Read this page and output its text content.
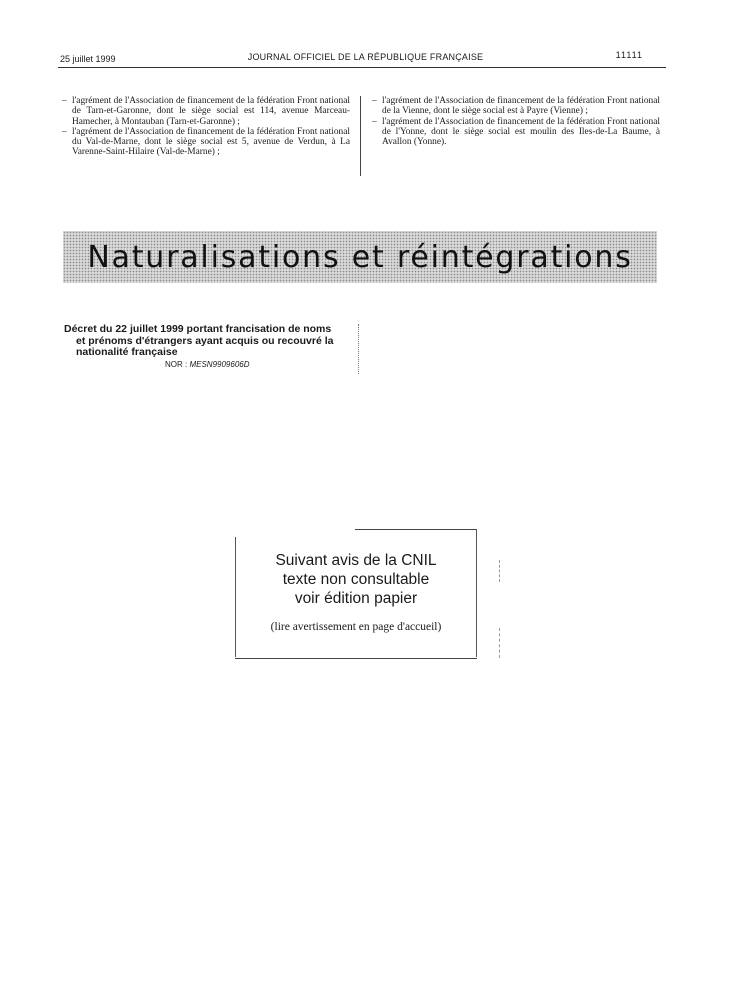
25 juillet 1999	JOURNAL OFFICIEL DE LA RÉPUBLIQUE FRANÇAISE	11111
– l'agrément de l'Association de financement de la fédération Front national de Tarn-et-Garonne, dont le siège social est 114, avenue Marceau-Hamecher, à Montauban (Tarn-et-Garonne) ;
– l'agrément de l'Association de financement de la fédération Front national du Val-de-Marne, dont le siège social est 5, avenue de Verdun, à La Varenne-Saint-Hilaire (Val-de-Marne) ;
– l'agrément de l'Association de financement de la fédération Front national de la Vienne, dont le siège social est à Payre (Vienne) ;
– l'agrément de l'Association de financement de la fédération Front national de l'Yonne, dont le siège social est moulin des Iles-de-La Baume, à Avallon (Yonne).
Naturalisations et réintégrations
Décret du 22 juillet 1999 portant francisation de noms
et prénoms d'étrangers ayant acquis ou recouvré la
nationalité française
NOR : MESN9909606D
Suivant avis de la CNIL
texte non consultable
voir édition papier
(lire avertissement en page d'accueil)
